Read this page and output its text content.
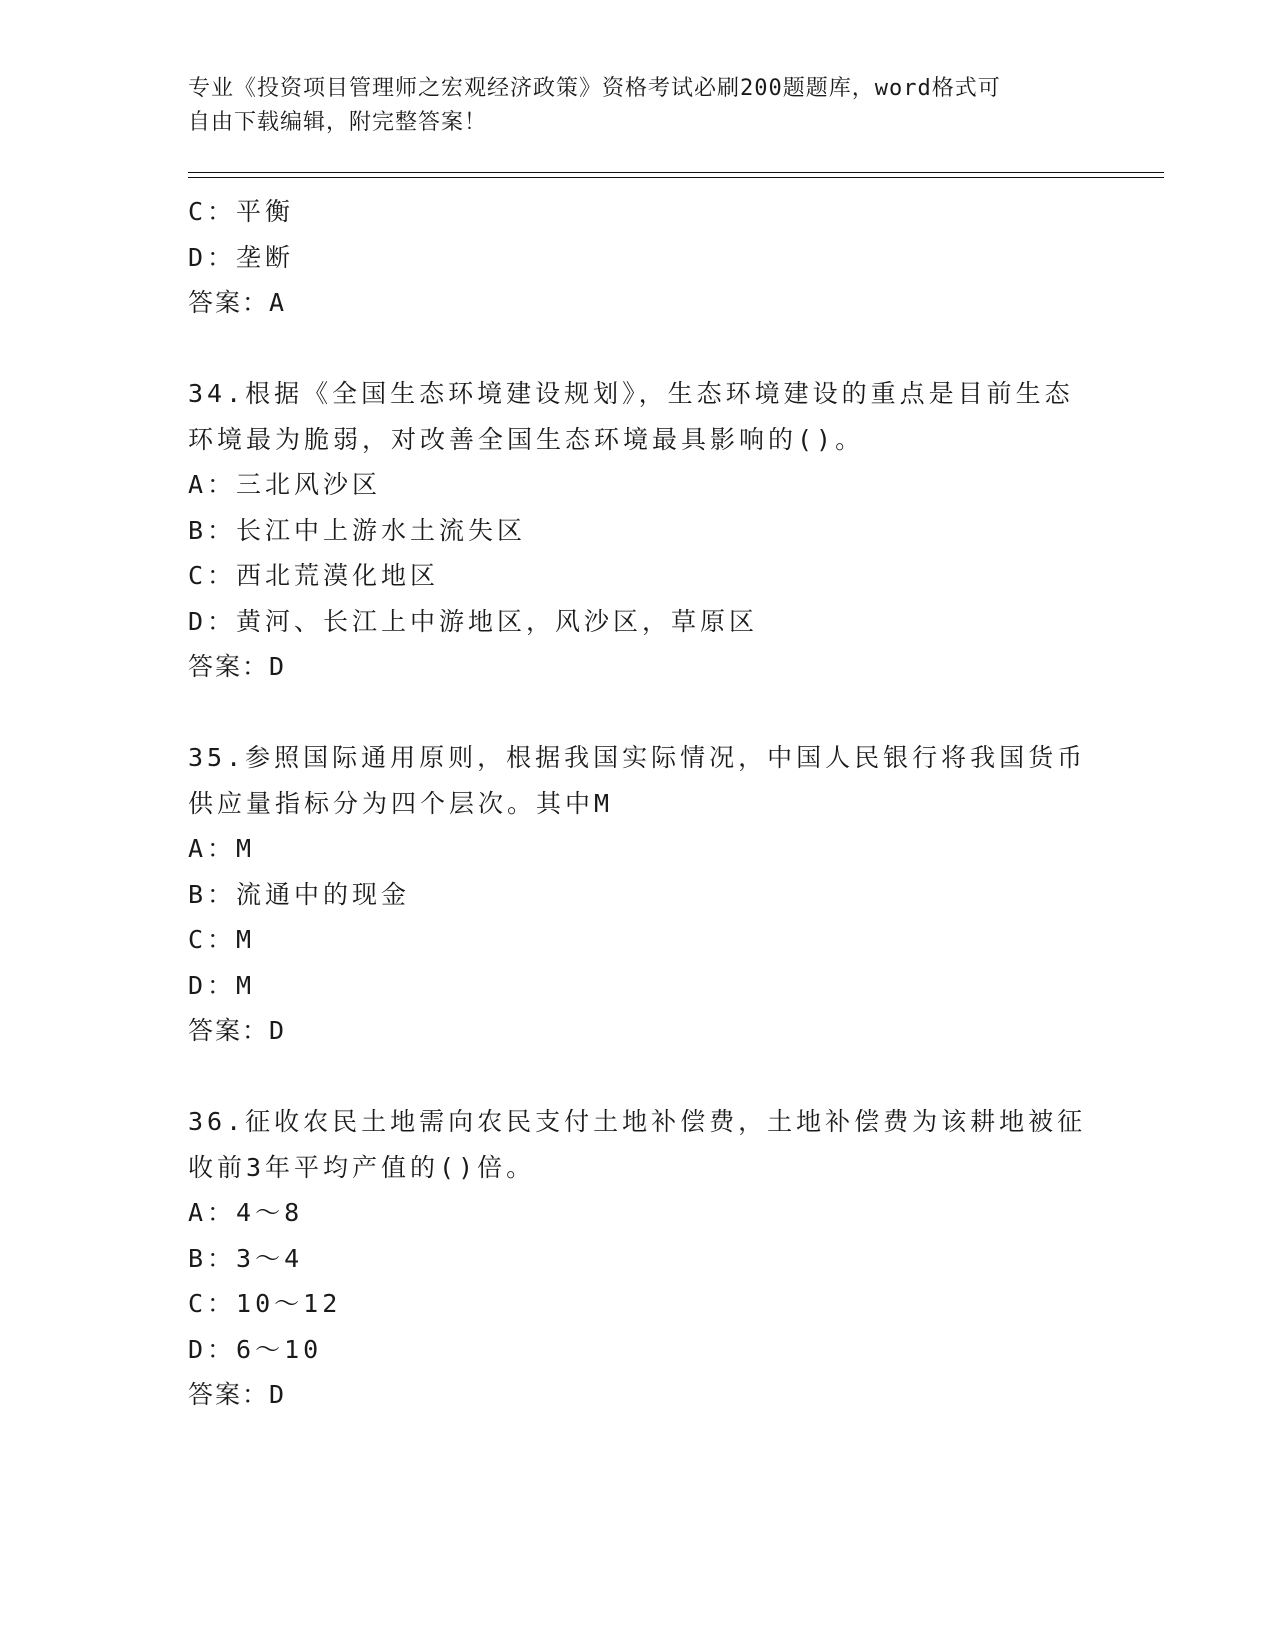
专业《投资项目管理师之宏观经济政策》资格考试必刷200题题库，word格式可
自由下载编辑，附完整答案！
C：平衡
D：垄断
答案：A
34.根据《全国生态环境建设规划》，生态环境建设的重点是目前生态
环境最为脆弱，对改善全国生态环境最具影响的()。
A：三北风沙区
B：长江中上游水土流失区
C：西北荒漠化地区
D：黄河、长江上中游地区，风沙区，草原区
答案：D
35.参照国际通用原则，根据我国实际情况，中国人民银行将我国货币
供应量指标分为四个层次。其中M
A：M
B：流通中的现金
C：M
D：M
答案：D
36.征收农民土地需向农民支付土地补偿费，土地补偿费为该耕地被征
收前3年平均产值的()倍。
A：4～8
B：3～4
C：10～12
D：6～10
答案：D
